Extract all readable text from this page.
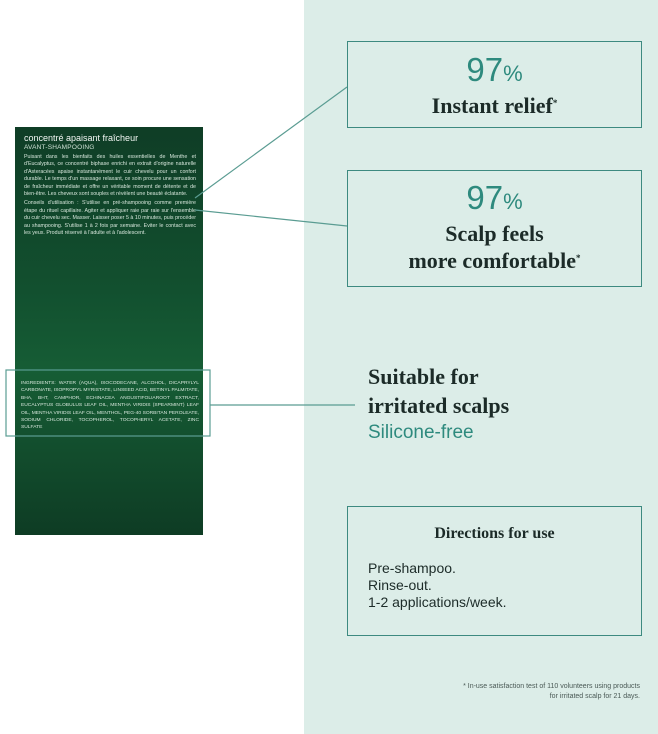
concentré apaisant fraîcheur
AVANT-SHAMPOOING
Puisant dans les bienfaits des huiles essentielles de Menthe et d'Eucalyptus, ce concentré biphase enrichi en extrait d'origine naturelle d'Asteracées apaise instantanément le cuir chevelu pour un confort durable. Le temps d'un massage relaxant, ce soin procure une sensation de fraîcheur immédiate et offre un véritable moment de détente et de bien-être. Les cheveux sont souples et révèlent une beauté éclatante.
Conseils d'utilisation : S'utilise en pré-shampooing comme première étape du rituel capillaire. Agiter et appliquer raie par raie sur l'ensemble du cuir chevelu sec. Masser. Laisser poser 5 à 10 minutes, puis procéder au shampooing. S'utilise 1 à 2 fois par semaine. Eviter le contact avec les yeux. Produit réservé à l'adulte et à l'adolescent.
INGREDIENTS: WATER (AQUA), ISOCODECANE, ALCOHOL, DICAPRYLYL CARBONATE, ISOPROPYL MYRISTATE, LINSEED ACID, BETINYL PALMITATE, BHA, BHT, CAMPHOR, ECHINACEA ANGUSTIFOLIAROOT EXTRACT, EUCALYPTUS GLOBULUS LEAF OIL, MENTHA VIRIDIS (SPEARMINT) LEAF OIL, MENTHA VIRIDIS LEAF OIL, MENTHOL, PEG-40 SORBITAN PEROLEATE, SODIUM CHLORIDE, TOCOPHEROL, TOCOPHERYL ACETATE, ZINC SULFATE
97%
Instant relief*
97%
Scalp feels
more comfortable*
Suitable for
irritated scalps
Silicone-free
Directions for use
Pre-shampoo.
Rinse-out.
1-2 applications/week.
* In-use satisfaction test of 110 volunteers using products
for irritated scalp for 21 days.
